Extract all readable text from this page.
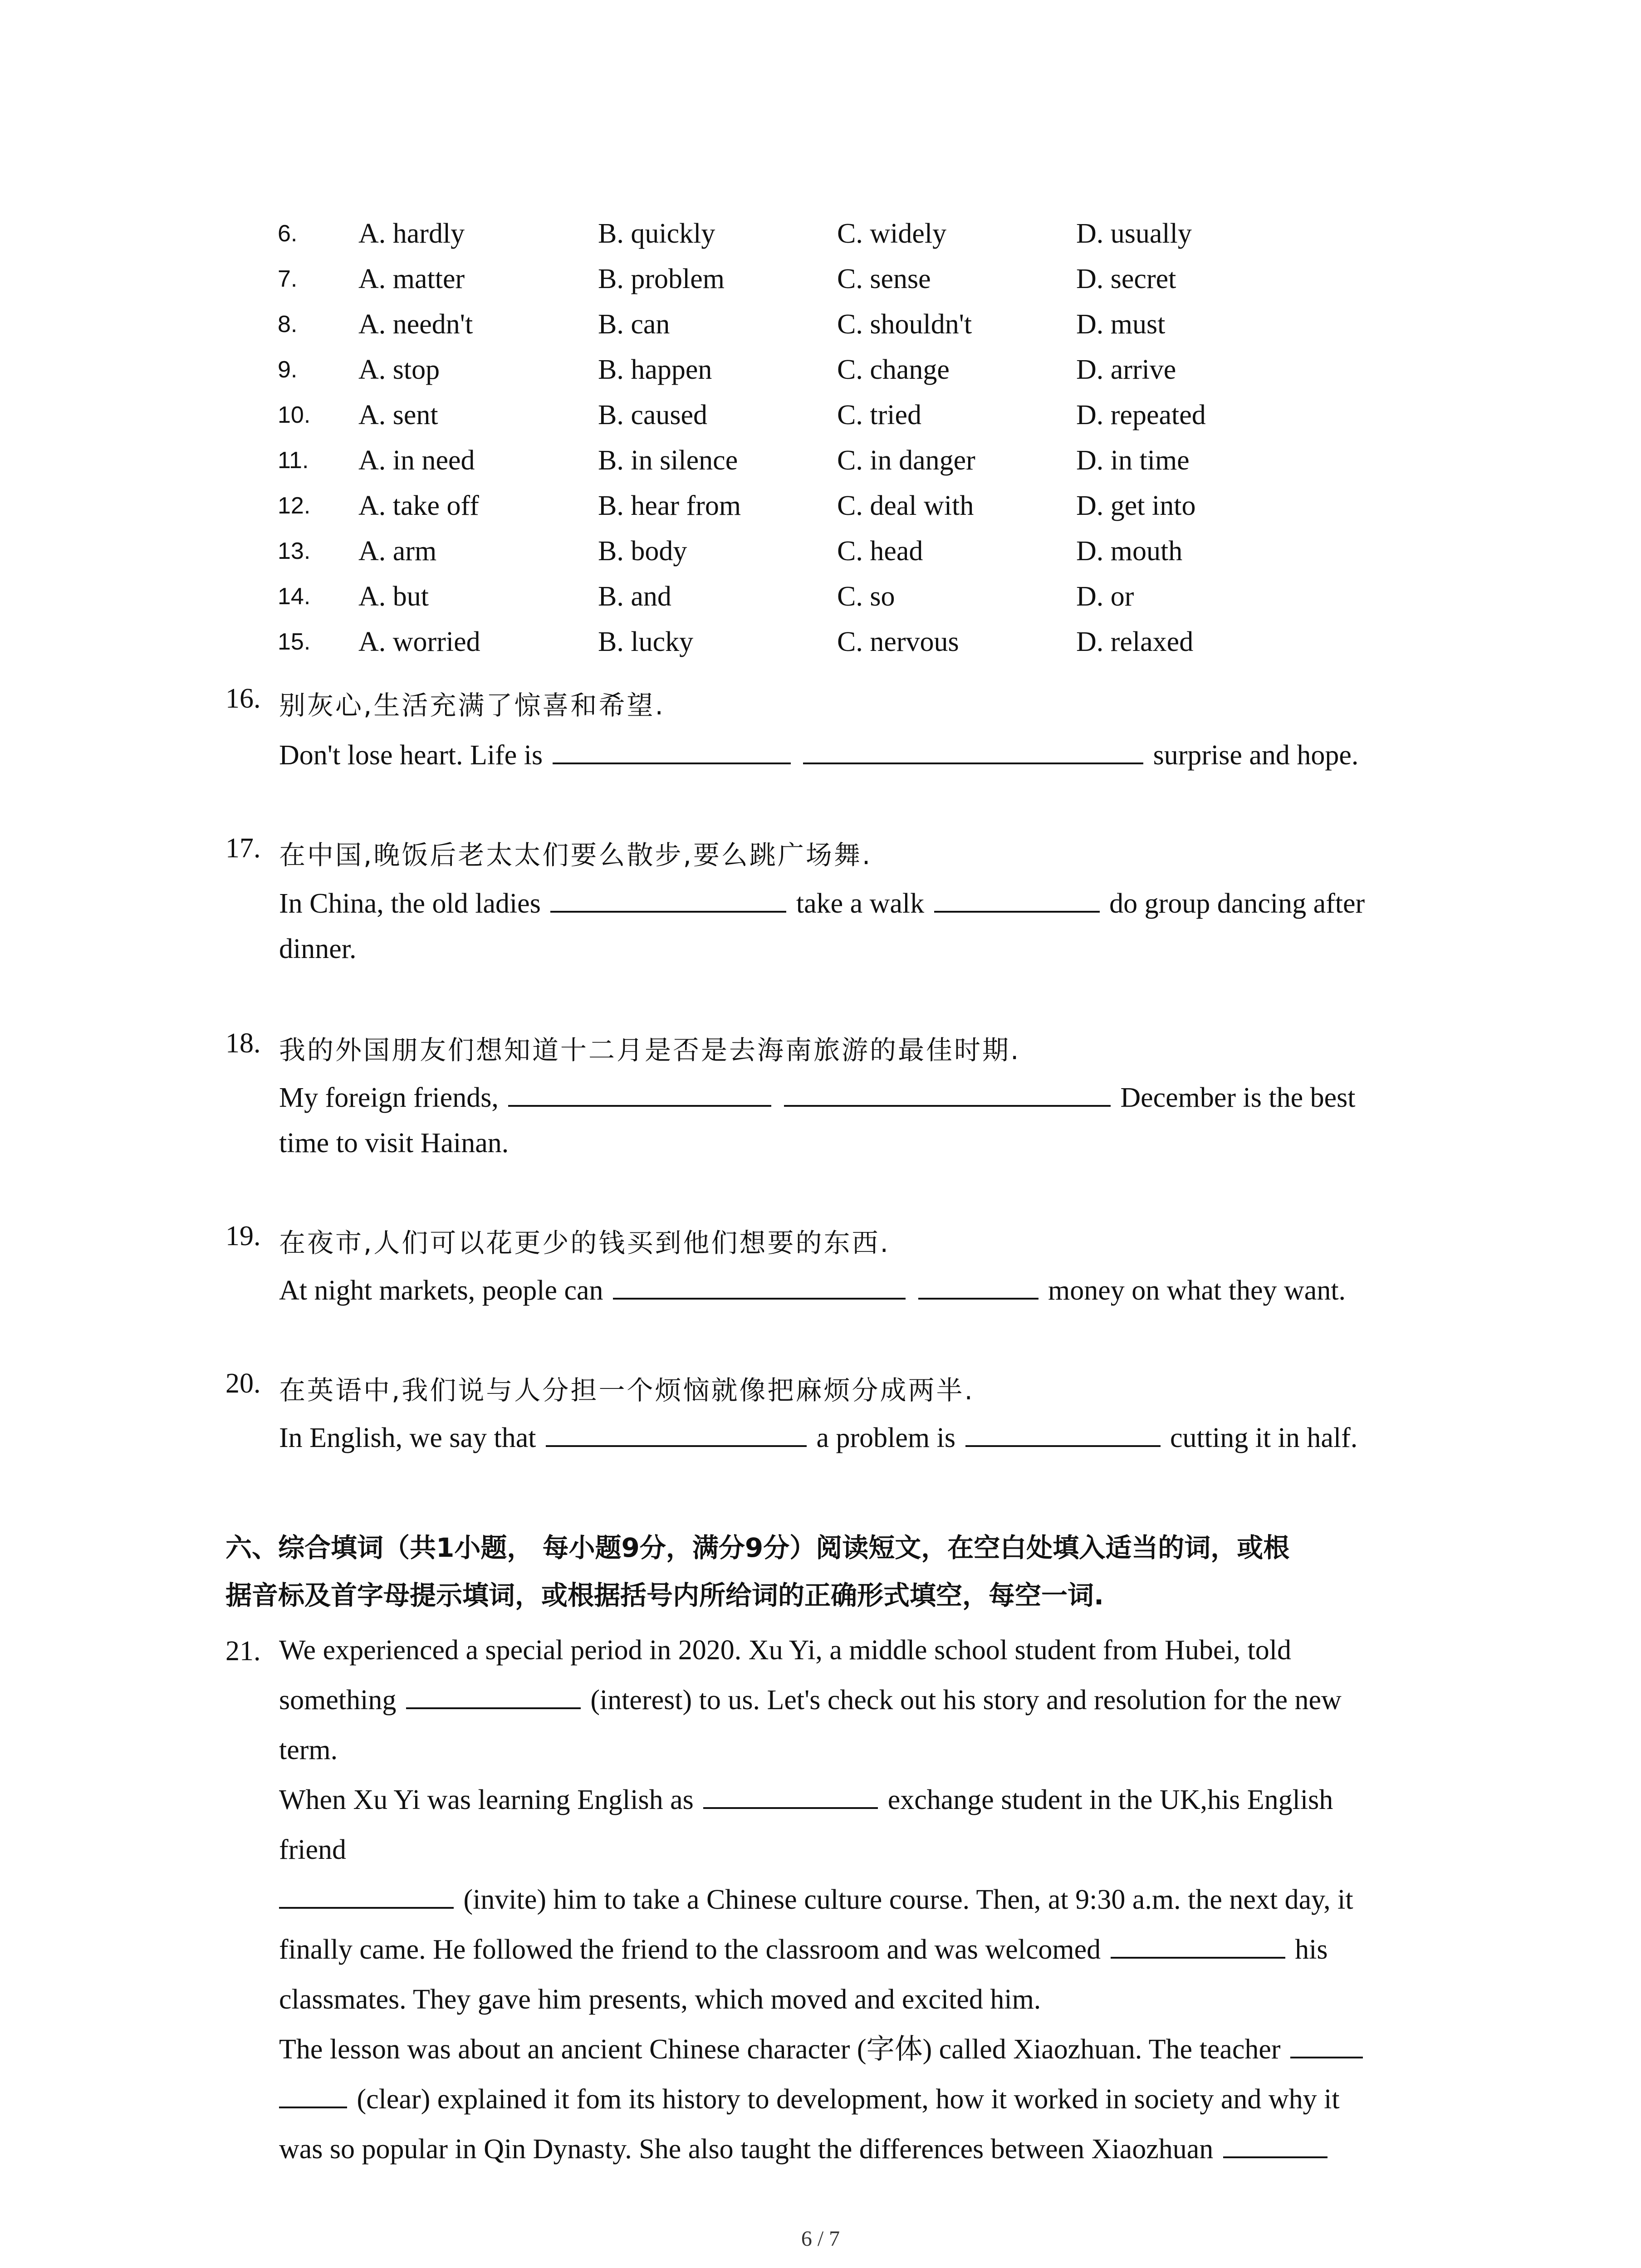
6. A. hardly	B. quickly	C. widely	D. usually
7. A. matter	B. problem	C. sense	D. secret
8. A. needn't	B. can	C. shouldn't	D. must
9. A. stop	B. happen	C. change	D. arrive
10. A. sent	B. caused	C. tried	D. repeated
11. A. in need	B. in silence	C. in danger	D. in time
12. A. take off	B. hear from	C. deal with	D. get into
13. A. arm	B. body	C. head	D. mouth
14. A. but	B. and	C. so	D. or
15. A. worried	B. lucky	C. nervous	D. relaxed
16. 别灰心,生活充满了惊喜和希望.
Don't lose heart. Life is	surprise and hope.
17. 在中国,晚饭后老太太们要么散步,要么跳广场舞.
In China, the old ladies	take a walk	do group dancing after
dinner.
18. 我的外国朋友们想知道十二月是否是去海南旅游的最佳时期.
My foreign friends,	December is the best
time to visit Hainan.
19. 在夜市,人们可以花更少的钱买到他们想要的东西.
At night markets, people can	money on what they want.
20. 在英语中,我们说与人分担一个烦恼就像把麻烦分成两半.
In English, we say that	a problem is	cutting it in half.
六、综合填词（共1小题， 每小题9分，满分9分）阅读短文，在空白处填入适当的词，或根
据音标及首字母提示填词，或根据括号内所给词的正确形式填空，每空一词.
21. We experienced a special period in 2020. Xu Yi, a middle school student from Hubei, told
something	(interest) to us. Let's check out his story and resolution for the new
term.
When Xu Yi was learning English as	exchange student in the UK,his English
friend
(invite) him to take a Chinese culture course. Then, at 9:30 a.m. the next day, it
finally came. He followed the friend to the classroom and was welcomed	his
classmates. They gave him presents, which moved and excited him.
The lesson was about an ancient Chinese character (字体) called Xiaozhuan. The teacher
(clear) explained it fom its history to development, how it worked in society and why it
was so popular in Qin Dynasty. She also taught the differences between Xiaozhuan
6 / 7
